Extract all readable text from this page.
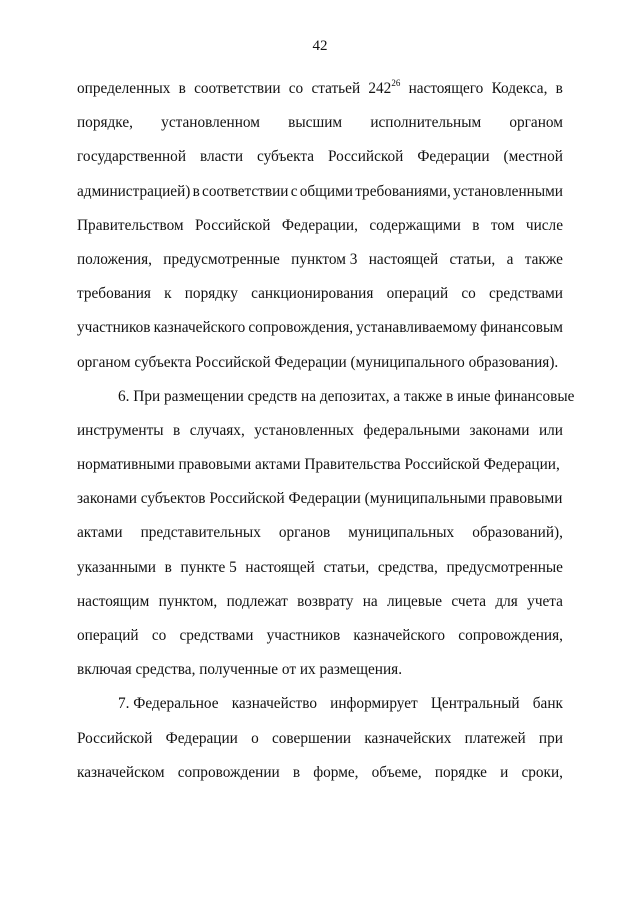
42
определенных в соответствии со статьей $242^{26}$ настоящего Кодекса, в
порядке, установленном высшим исполнительным органом
государственной власти субъекта Российской Федерации (местной
администрацией) в соответствии с общими требованиями, установленными
Правительством Российской Федерации, содержащими в том числе
положения, предусмотренные пунктом 3 настоящей статьи, а также
требования к порядку санкционирования операций со средствами
участников казначейского сопровождения, устанавливаемому финансовым
органом субъекта Российской Федерации (муниципального образования).
6. При размещении средств на депозитах, а также в иные финансовые
инструменты в случаях, установленных федеральными законами или
нормативными правовыми актами Правительства Российской Федерации,
законами субъектов Российской Федерации (муниципальными правовыми
актами представительных органов муниципальных образований),
указанными в пункте 5 настоящей статьи, средства, предусмотренные
настоящим пунктом, подлежат возврату на лицевые счета для учета
операций со средствами участников казначейского сопровождения,
включая средства, полученные от их размещения.
7. Федеральное казначейство информирует Центральный банк
Российской Федерации о совершении казначейских платежей при
казначейском сопровождении в форме, объеме, порядке и сроки,
